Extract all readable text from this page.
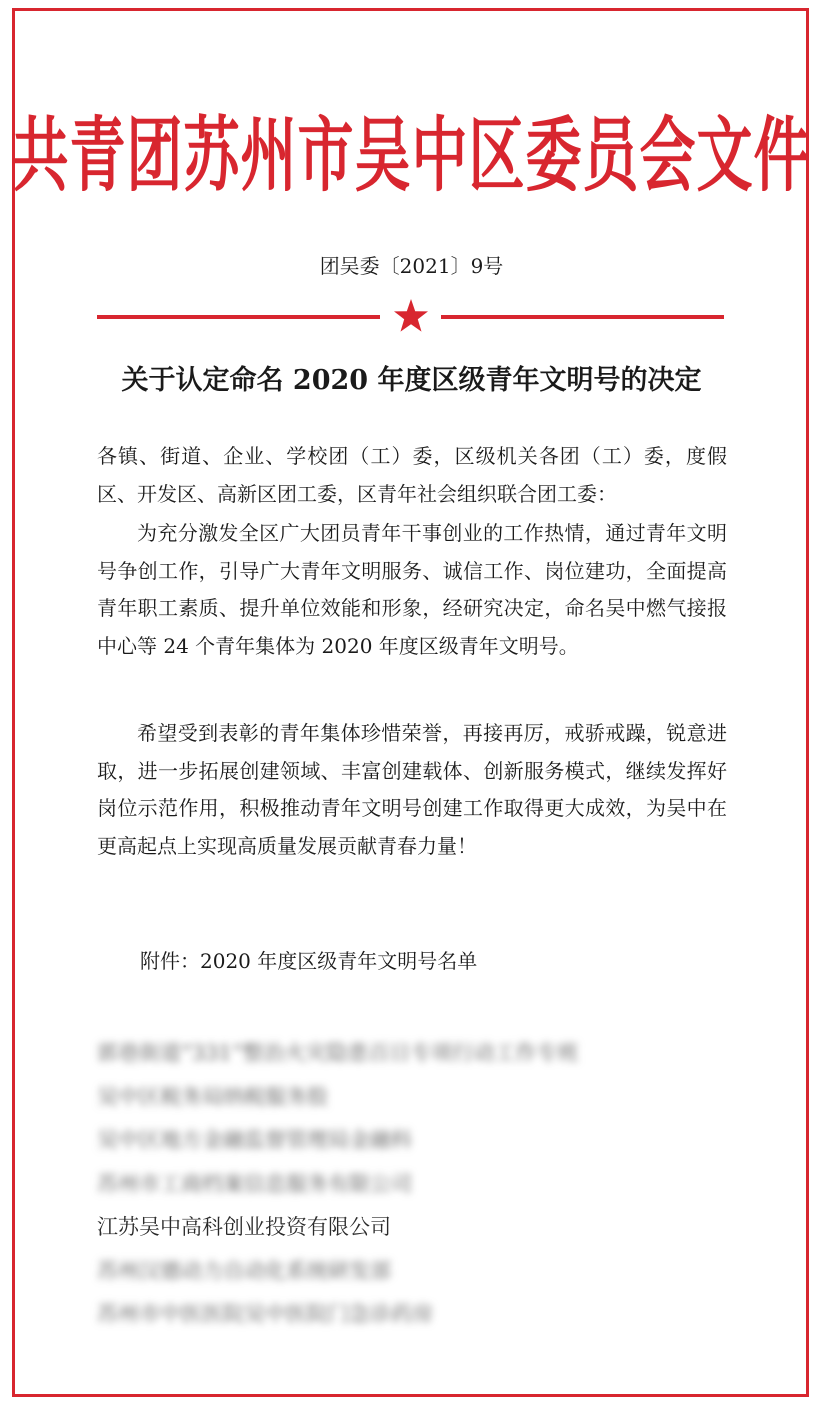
共青团苏州市吴中区委员会文件
团吴委〔2021〕9号
关于认定命名 2020 年度区级青年文明号的决定
各镇、街道、企业、学校团（工）委，区级机关各团（工）委，度假区、开发区、高新区团工委，区青年社会组织联合团工委：
为充分激发全区广大团员青年干事创业的工作热情，通过青年文明号争创工作，引导广大青年文明服务、诚信工作、岗位建功，全面提高青年职工素质、提升单位效能和形象，经研究决定，命名吴中燃气接报中心等 24 个青年集体为 2020 年度区级青年文明号。
希望受到表彰的青年集体珍惜荣誉，再接再厉，戒骄戒躁，锐意进取，进一步拓展创建领域、丰富创建载体、创新服务模式，继续发挥好岗位示范作用，积极推动青年文明号创建工作取得更大成效，为吴中在更高起点上实现高质量发展贡献青春力量！
附件：2020 年度区级青年文明号名单
郭巷街道“331”整治火灾隐患百日专项行动工作专班
吴中区税务局纳税服务股
吴中区地方金融监督管理局金融科
苏州市工商档案信息服务有限公司
江苏吴中高科创业投资有限公司
苏州汉德动力自动化系统研发部
苏州市中医医院吴中医院门急诊药房
